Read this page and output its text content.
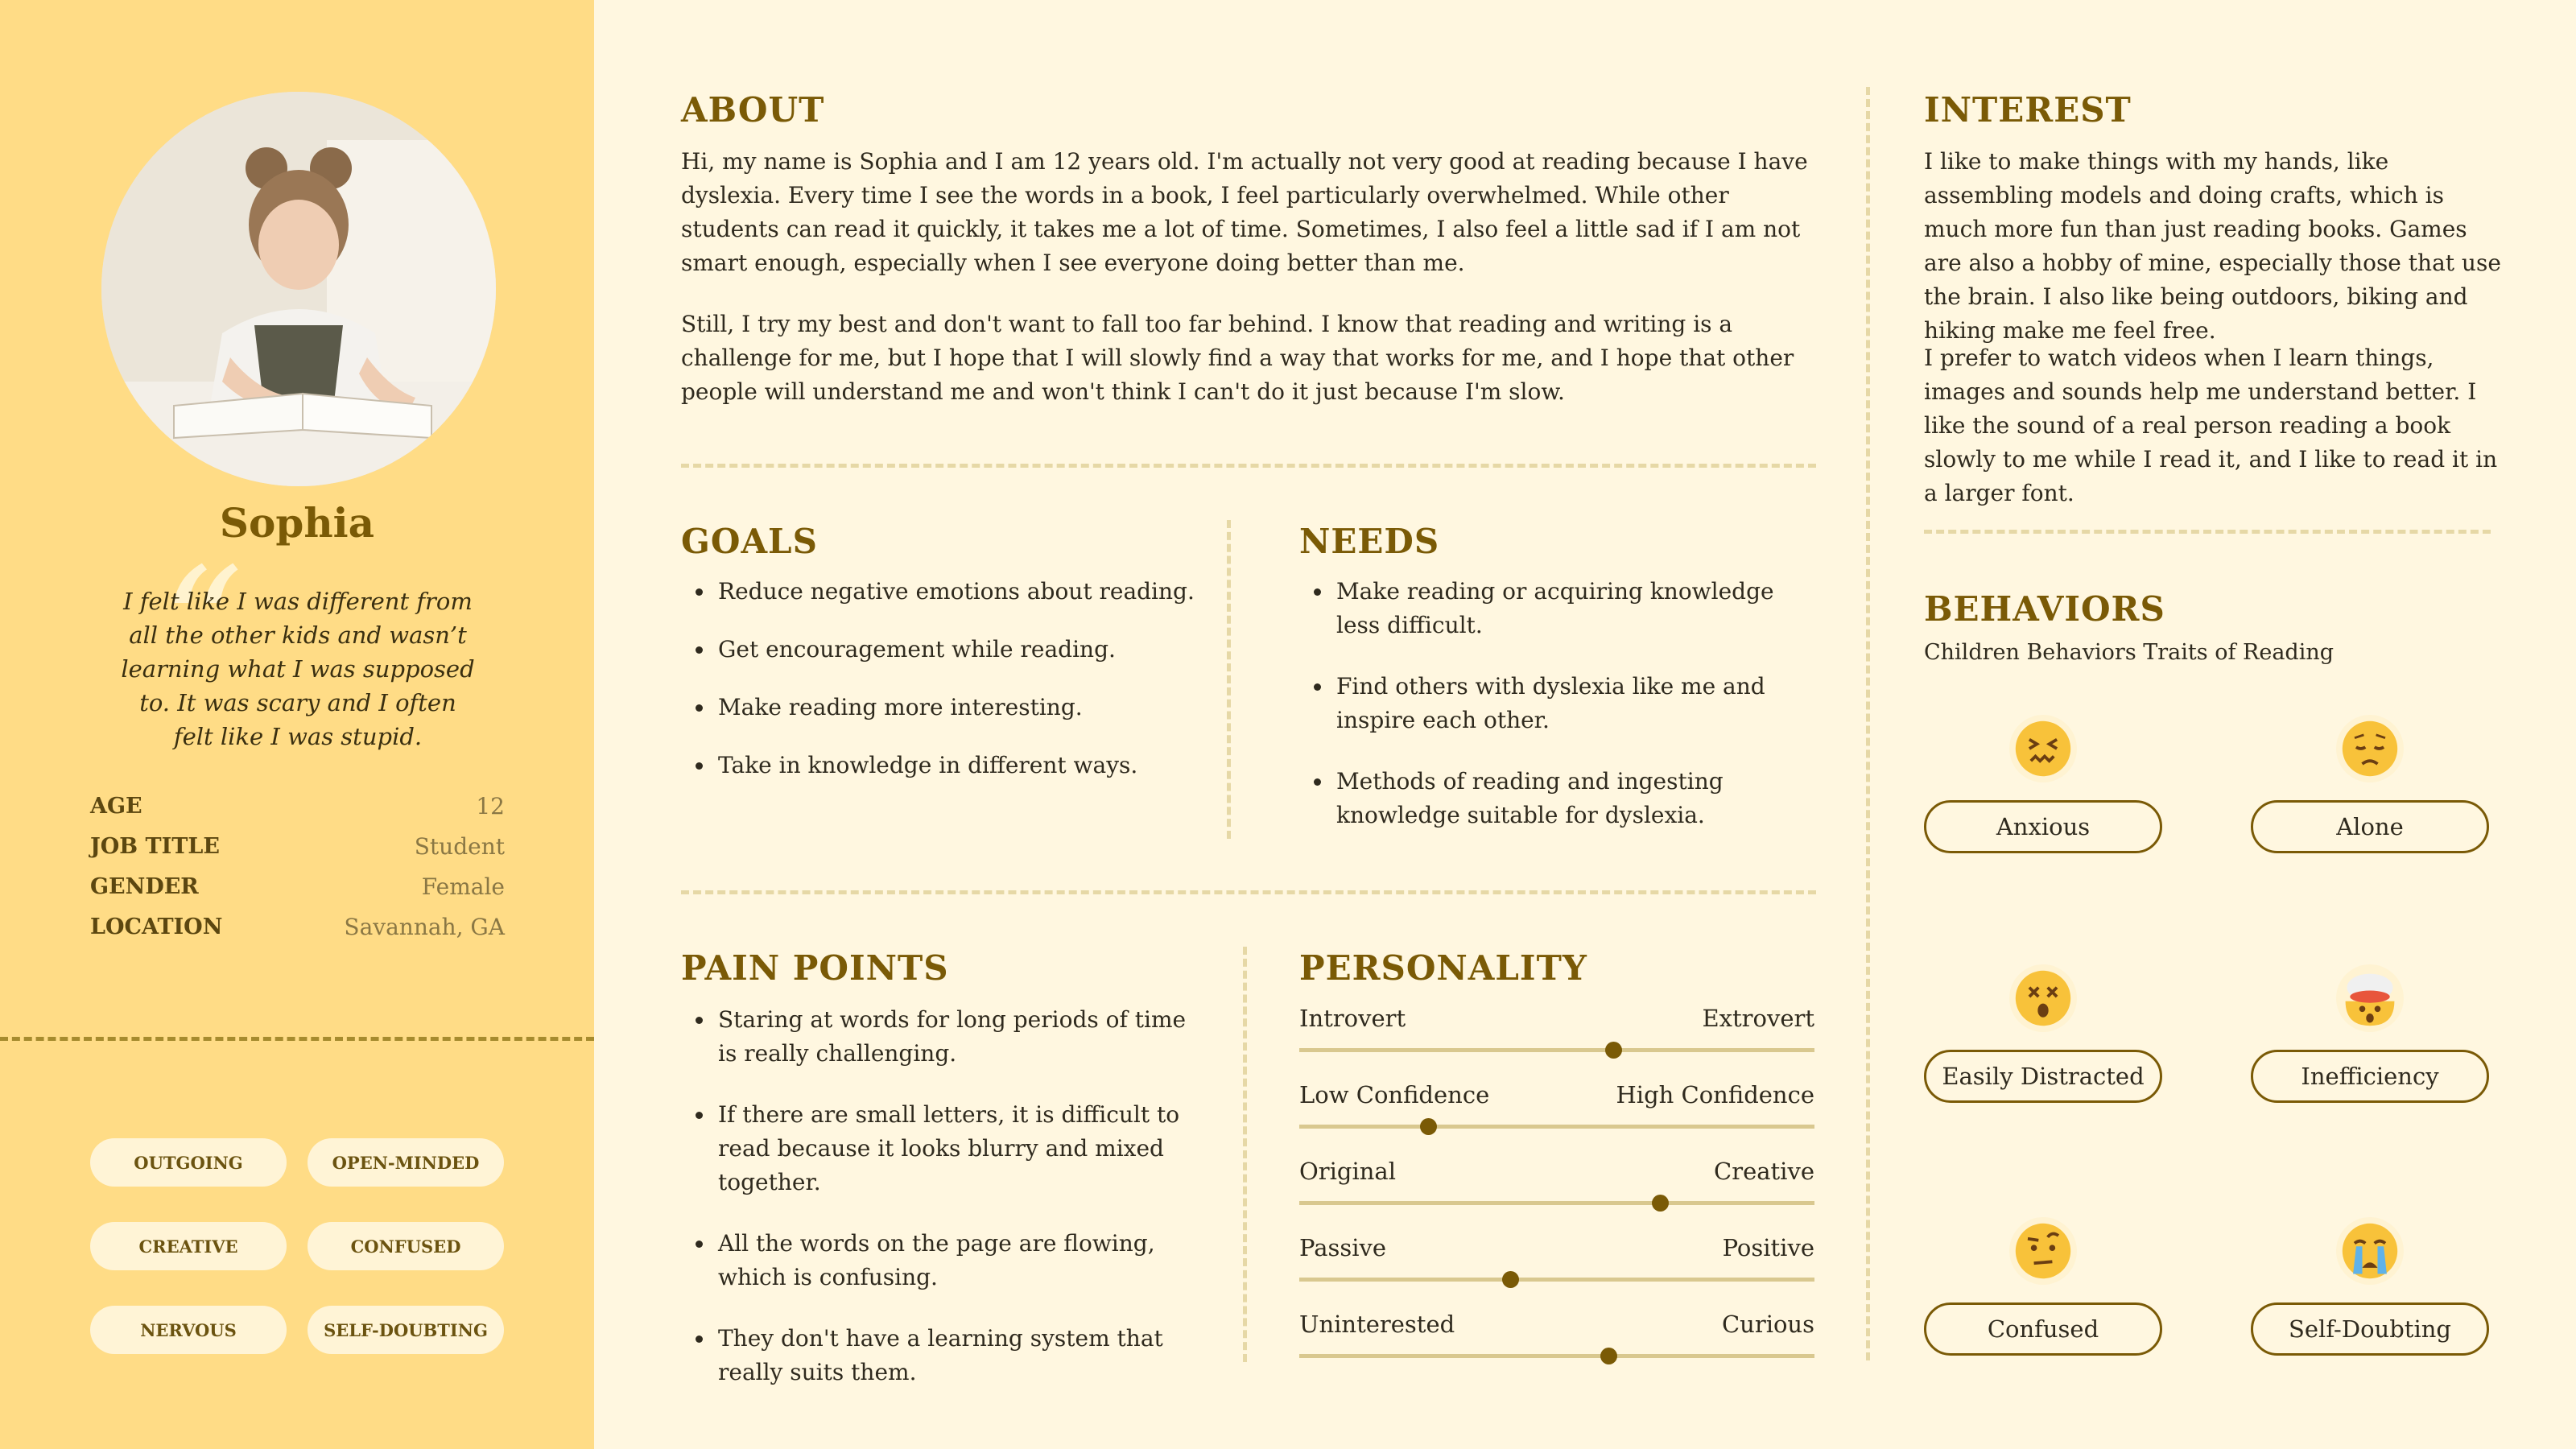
Sophia
“
I felt like I was different from all the other kids and wasn’t learning what I was supposed to. It was scary and I often felt like I was stupid.
AGE	12
JOB TITLE	Student
GENDER	Female
LOCATION	Savannah, GA
OUTGOING	OPEN-MINDED
CREATIVE	CONFUSED
NERVOUS	SELF-DOUBTING
ABOUT
Hi, my name is Sophia and I am 12 years old. I'm actually not very good at reading because I have dyslexia. Every time I see the words in a book, I feel particularly overwhelmed. While other students can read it quickly, it takes me a lot of time. Sometimes, I also feel a little sad if I am not smart enough, especially when I see everyone doing better than me.
Still, I try my best and don't want to fall too far behind. I know that reading and writing is a challenge for me, but I hope that I will slowly find a way that works for me, and I hope that other people will understand me and won't think I can't do it just because I'm slow.
GOALS
Reduce negative emotions about reading.
Get encouragement while reading.
Make reading more interesting.
Take in knowledge in different ways.
NEEDS
Make reading or acquiring knowledge less difficult.
Find others with dyslexia like me and inspire each other.
Methods of reading and ingesting knowledge suitable for dyslexia.
PAIN POINTS
Staring at words for long periods of time is really challenging.
If there are small letters, it is difficult to read because it looks blurry and mixed together.
All the words on the page are flowing, which is confusing.
They don't have a learning system that really suits them.
PERSONALITY
Introvert	Extrovert
Low Confidence	High Confidence
Original	Creative
Passive	Positive
Uninterested	Curious
INTEREST
I like to make things with my hands, like assembling models and doing crafts, which is much more fun than just reading books. Games are also a hobby of mine, especially those that use the brain. I also like being outdoors, biking and hiking make me feel free.
I prefer to watch videos when I learn things, images and sounds help me understand better. I like the sound of a real person reading a book slowly to me while I read it, and I like to read it in a larger font.
BEHAVIORS
Children Behaviors Traits of Reading
Anxious	Alone
Easily Distracted	Inefficiency
Confused	Self-Doubting
